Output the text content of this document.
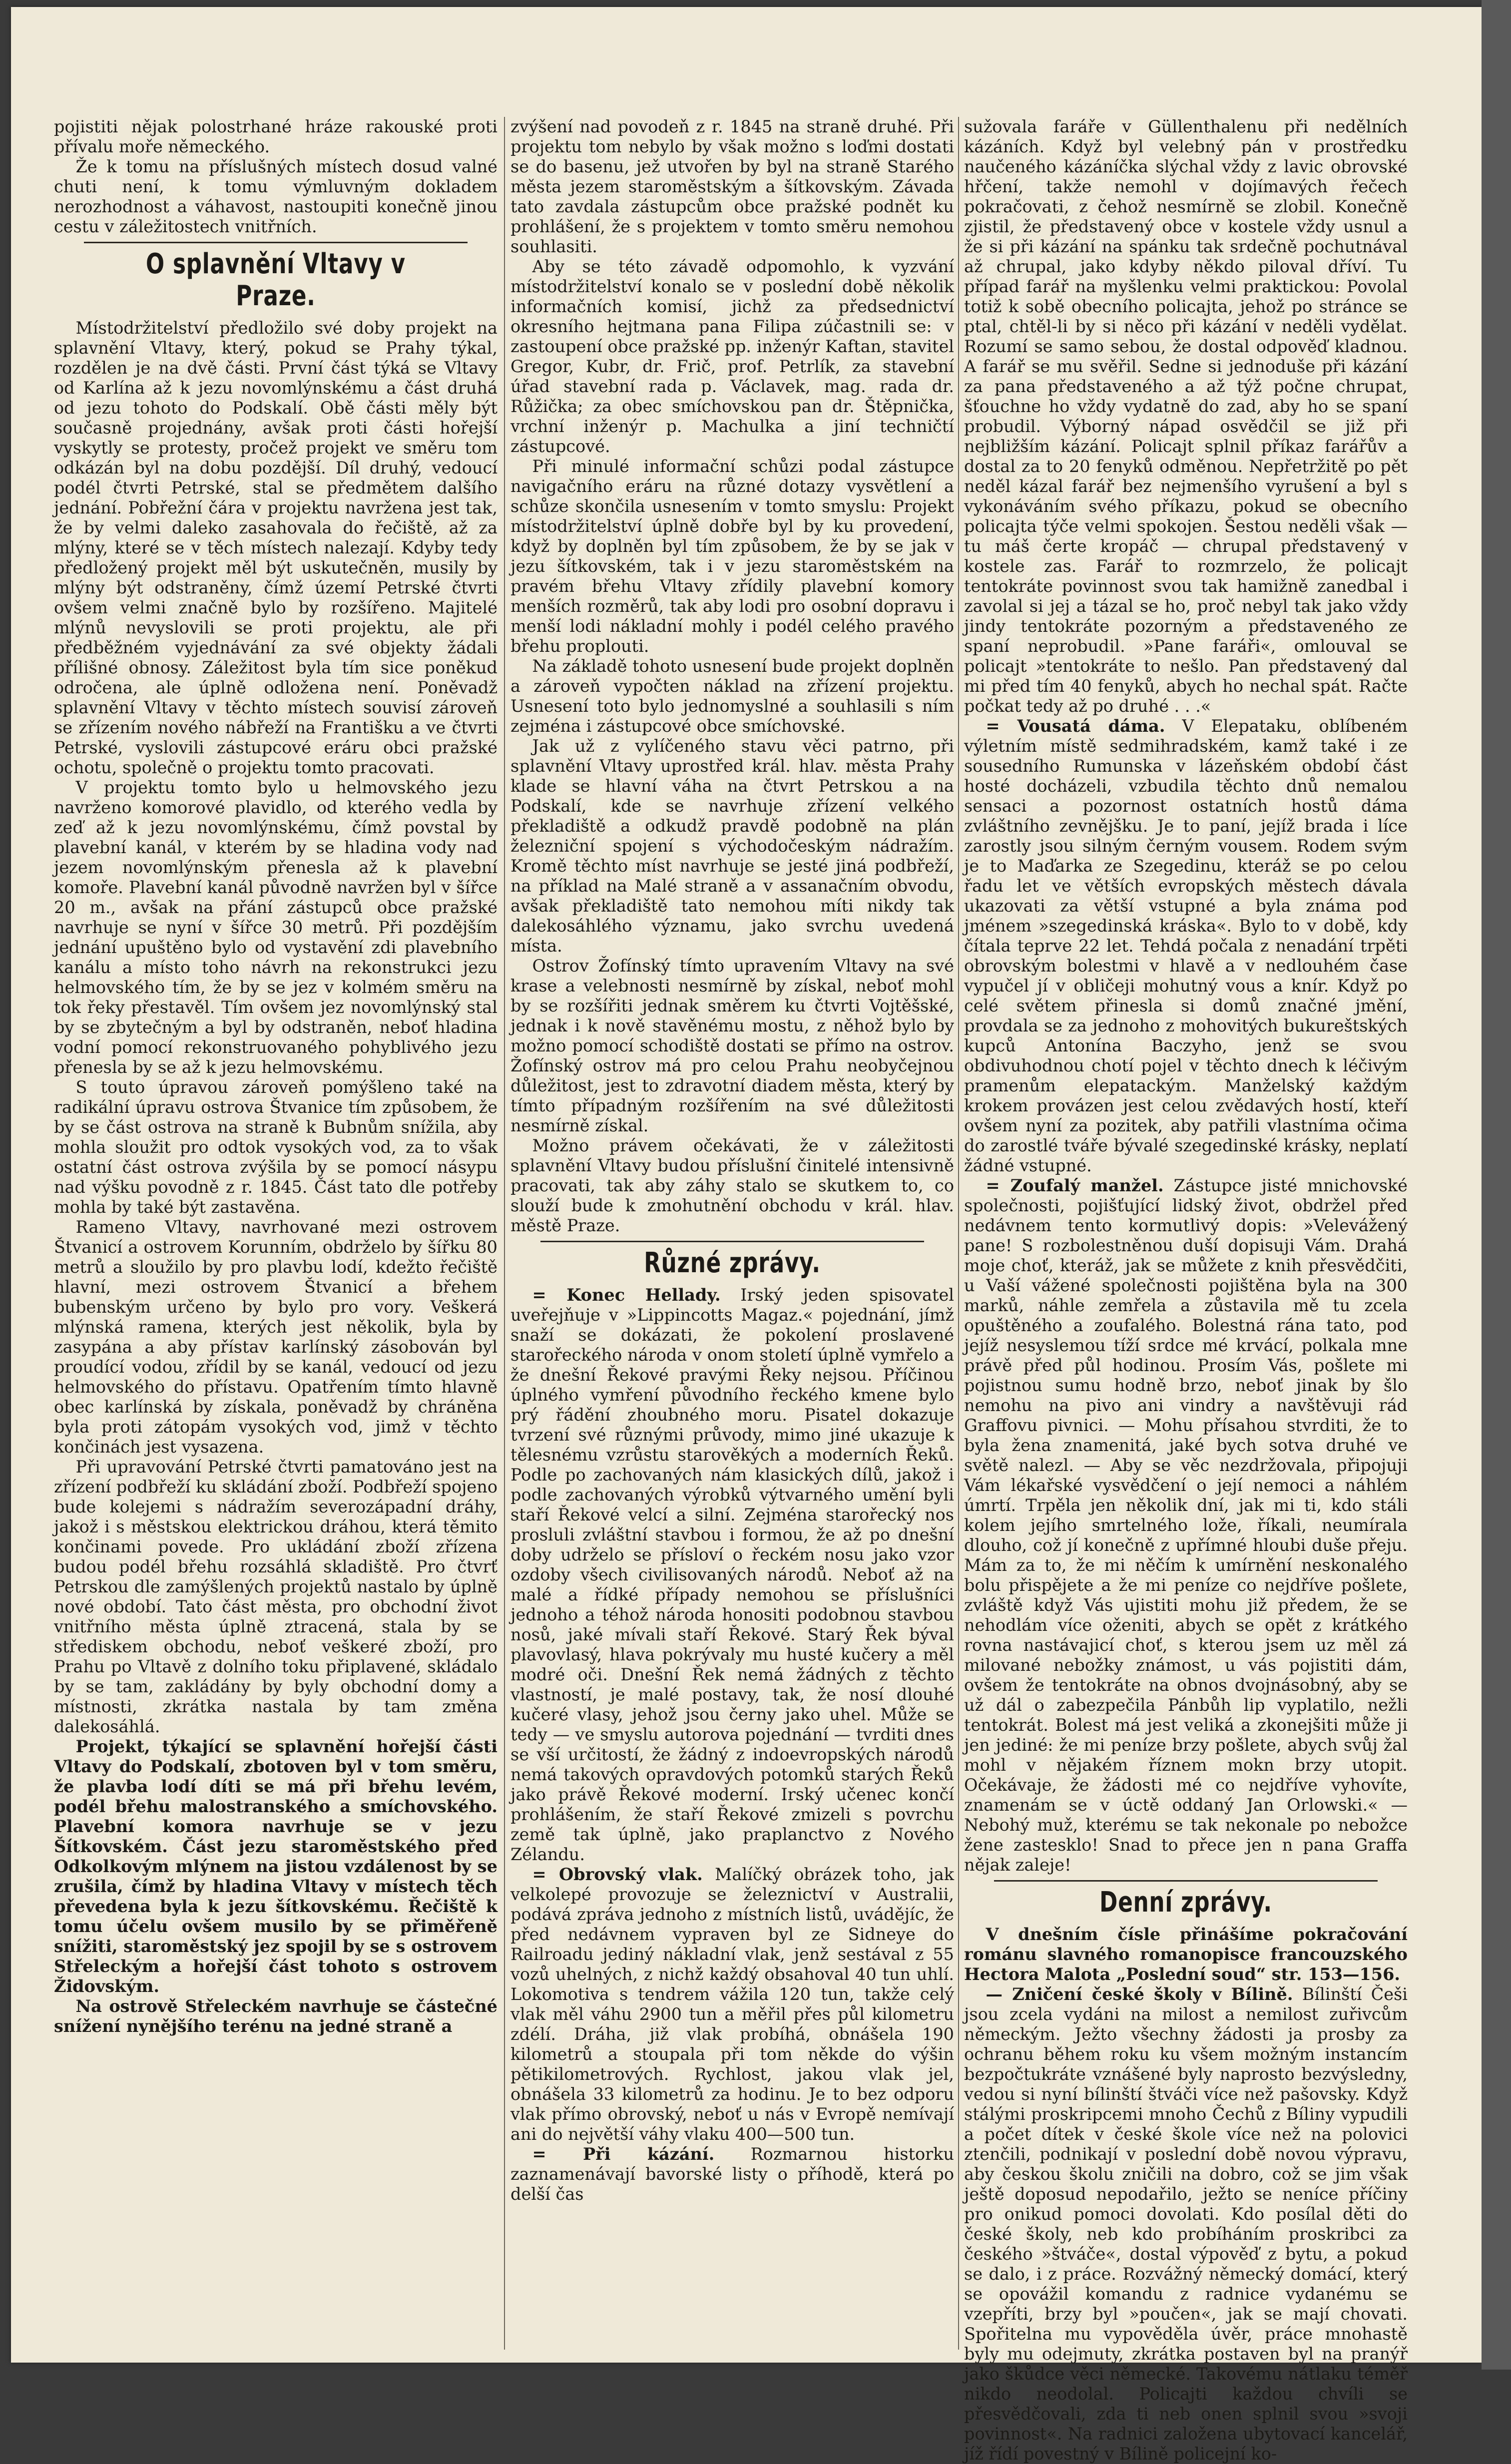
pojistiti nějak polostrhané hráze rakouské proti přívalu moře německého.

Že k tomu na příslušných místech dosud valné chuti není, k tomu výmluvným dokladem nerozhodnost a váhavost, nastoupiti konečně jinou cestu v záležitostech vnitřních.

O splavnění Vltavy v Praze.

Místodržitelství předložilo své doby projekt na splavnění Vltavy, který, pokud se Prahy týkal, rozdělen je na dvě části. První část týká se Vltavy od Karlína až k jezu novomlýnskému a část druhá od jezu tohoto do Podskalí. Obě části měly být současně projednány, avšak proti části hořejší vyskytly se protesty, pročež projekt ve směru tom odkázán byl na dobu pozdější. Díl druhý, vedoucí podél čtvrti Petrské, stal se předmětem dalšího jednání. Pobřežní čára v projektu navržena jest tak, že by velmi daleko zasahovala do řečiště, až za mlýny, které se v těch místech nalezají. Kdyby tedy předložený projekt měl být uskutečněn, musily by mlýny být odstraněny, čímž území Petrské čtvrti ovšem velmi značně bylo by rozšířeno. Majitelé mlýnů nevyslovili se proti projektu, ale při předběžném vyjednávání za své objekty žádali přílišné obnosy. Záležitost byla tím sice poněkud odročena, ale úplně odložena není. Poněvadž splavnění Vltavy v těchto místech souvisí zároveň se zřízením nového nábřeží na Františku a ve čtvrti Petrské, vyslovili zástupcové eráru obci pražské ochotu, společně o projektu tomto pracovati.

V projektu tomto bylo u helmovského jezu navrženo komorové plavidlo, od kterého vedla by zeď až k jezu novomlýnskému, čímž povstal by plavební kanál, v kterém by se hladina vody nad jezem novomlýnským přenesla až k plavební komoře. Plavební kanál původně navržen byl v šířce 20 m., avšak na přání zástupců obce pražské navrhuje se nyní v šířce 30 metrů. Při pozdějším jednání upuštěno bylo od vystavění zdi plavebního kanálu a místo toho návrh na rekonstrukci jezu helmovského tím, že by se jez v kolmém směru na tok řeky přestavěl. Tím ovšem jez novomlýnský stal by se zbytečným a byl by odstraněn, neboť hladina vodní pomocí rekonstruovaného pohyblivého jezu přenesla by se až k jezu helmovskému.

S touto úpravou zároveň pomýšleno také na radikální úpravu ostrova Štvanice tím způsobem, že by se část ostrova na straně k Bubnům snížila, aby mohla sloužit pro odtok vysokých vod, za to však ostatní část ostrova zvýšila by se pomocí násypu nad výšku povodně z r. 1845. Část tato dle potřeby mohla by také být zastavěna.

Rameno Vltavy, navrhované mezi ostrovem Štvanicí a ostrovem Korunním, obdrželo by šířku 80 metrů a sloužilo by pro plavbu lodí, kdežto řečiště hlavní, mezi ostrovem Štvanicí a břehem bubenským určeno by bylo pro vory. Veškerá mlýnská ramena, kterých jest několik, byla by zasypána a aby přístav karlínský zásobován byl proudící vodou, zřídil by se kanál, vedoucí od jezu helmovského do přístavu. Opatřením tímto hlavně obec karlínská by získala, poněvadž by chráněna byla proti zátopám vysokých vod, jimž v těchto končinách jest vysazena.

Při upravování Petrské čtvrti pamatováno jest na zřízení podbřeží ku skládání zboží. Podbřeží spojeno bude kolejemi s nádražím severozápadní dráhy, jakož i s městskou elektrickou dráhou, která těmito končinami povede. Pro ukládání zboží zřízena budou podél břehu rozsáhlá skladiště. Pro čtvrť Petrskou dle zamýšlených projektů nastalo by úplně nové období. Tato část města, pro obchodní život vnitřního města úplně ztracená, stala by se střediskem obchodu, neboť veškeré zboží, pro Prahu po Vltavě z dolního toku připlavené, skládalo by se tam, zakládány by byly obchodní domy a místnosti, zkrátka nastala by tam změna dalekosáhlá.

Projekt, týkající se splavnění hořejší části Vltavy do Podskalí, zbotoven byl v tom směru, že plavba lodí díti se má při břehu levém, podél břehu malostranského a smíchovského. Plavební komora navrhuje se v jezu Šítkovském. Část jezu staroměstského před Odkolkovým mlýnem na jistou vzdálenost by se zrušila, čímž by hladina Vltavy v místech těch převedena byla k jezu šítkovskému. Řečiště k tomu účelu ovšem musilo by se přiměřeně snížiti, staroměstský jez spojil by se s ostrovem Střeleckým a hořejší část tohoto s ostrovem Židovským.

Na ostrově Střeleckém navrhuje se částečné snížení nynějšího terénu na jedné straně a

zvýšení nad povodeň z r. 1845 na straně druhé. Při projektu tom nebylo by však možno s loďmi dostati se do basenu, jež utvořen by byl na straně Starého města jezem staroměstským a šítkovským. Závada tato zavdala zástupcům obce pražské podnět ku prohlášení, že s projektem v tomto směru nemohou souhlasiti.

Aby se této závadě odpomohlo, k vyzvání místodržitelství konalo se v poslední době několik informačních komisí, jichž za předsednictví okresního hejtmana pana Filipa zúčastnili se: v zastoupení obce pražské pp. inženýr Kaftan, stavitel Gregor, Kubr, dr. Frič, prof. Petrlík, za stavební úřad stavební rada p. Václavek, mag. rada dr. Růžička; za obec smíchovskou pan dr. Štěpnička, vrchní inženýr p. Machulka a jiní techničtí zástupcové.

Při minulé informační schůzi podal zástupce navigačního eráru na různé dotazy vysvětlení a schůze skončila usnesením v tomto smyslu: Projekt místodržitelství úplně dobře byl by ku provedení, když by doplněn byl tím způsobem, že by se jak v jezu šítkovském, tak i v jezu staroměstském na pravém břehu Vltavy zřídily plavební komory menších rozměrů, tak aby lodi pro osobní dopravu i menší lodi nákladní mohly i podél celého pravého břehu proplouti.

Na základě tohoto usnesení bude projekt doplněn a zároveň vypočten náklad na zřízení projektu. Usnesení toto bylo jednomyslné a souhlasili s ním zejména i zástupcové obce smíchovské.

Jak už z vylíčeného stavu věci patrno, při splavnění Vltavy uprostřed král. hlav. města Prahy klade se hlavní váha na čtvrt Petrskou a na Podskalí, kde se navrhuje zřízení velkého překladiště a odkudž pravdě podobně na plán železniční spojení s východočeským nádražím. Kromě těchto míst navrhuje se jesté jiná podbřeží, na příklad na Malé straně a v assanačním obvodu, avšak překladiště tato nemohou míti nikdy tak dalekosáhlého významu, jako svrchu uvedená místa.

Ostrov Žofínský tímto upravením Vltavy na své krase a velebnosti nesmírně by získal, neboť mohl by se rozšířiti jednak směrem ku čtvrti Vojtěšské, jednak i k nově stavěnému mostu, z něhož bylo by možno pomocí schodiště dostati se přímo na ostrov. Žofínský ostrov má pro celou Prahu neobyčejnou důležitost, jest to zdravotní diadem města, který by tímto případným rozšířením na své důležitosti nesmírně získal.

Možno právem očekávati, že v záležitosti splavnění Vltavy budou příslušní činitelé intensivně pracovati, tak aby záhy stalo se skutkem to, co slouží bude k zmohutnění obchodu v král. hlav. městě Praze.

Různé zprávy.

= Konec Hellady. Irský jeden spisovatel uveřejňuje v »Lippincotts Magaz.« pojednání, jímž snaží se dokázati, že pokolení proslavené starořeckého národa v onom století úplně vymřelo a že dnešní Řekové pravými Řeky nejsou. Příčinou úplného vymření původního řeckého kmene bylo prý řádění zhoubného moru. Pisatel dokazuje tvrzení své různými průvody, mimo jiné ukazuje k tělesnému vzrůstu starověkých a moderních Řeků. Podle po zachovaných nám klasických dílů, jakož i podle zachovaných výrobků výtvarného umění byli staří Řekové velcí a silní. Zejména starořecký nos prosluli zvláštní stavbou i formou, že až po dnešní doby udrželo se přísloví o řeckém nosu jako vzor ozdoby všech civilisovaných národů. Neboť až na malé a řídké případy nemohou se příslušníci jednoho a téhož národa honositi podobnou stavbou nosů, jaké mívali staří Řekové. Starý Řek býval plavovlasý, hlava pokrývaly mu husté kučery a měl modré oči. Dnešní Řek nemá žádných z těchto vlastností, je malé postavy, tak, že nosí dlouhé kučeré vlasy, jehož jsou černy jako uhel. Může se tedy — ve smyslu autorova pojednání — tvrditi dnes se vší určitostí, že žádný z indoevropských národů nemá takových opravdových potomků starých Řeků jako právě Řekové moderní. Irský učenec končí prohlášením, že staří Řekové zmizeli s povrchu země tak úplně, jako praplanctvo z Nového Zélandu.

= Obrovský vlak. Malíčký obrázek toho, jak velkolepé provozuje se železnictví v Australii, podává zpráva jednoho z místních listů, uvádějíc, že před nedávnem vypraven byl ze Sidneye do Railroadu jediný nákladní vlak, jenž sestával z 55 vozů uhelných, z nichž každý obsahoval 40 tun uhlí. Lokomotiva s tendrem vážila 120 tun, takže celý vlak měl váhu 2900 tun a měřil přes půl kilometru zdélí. Dráha, již vlak probíhá, obnášela 190 kilometrů a stoupala při tom někde do výšin pětikilometrových. Rychlost, jakou vlak jel, obnášela 33 kilometrů za hodinu. Je to bez odporu vlak přímo obrovský, neboť u nás v Evropě nemívají ani do největší váhy vlaku 400—500 tun.

= Při kázání. Rozmarnou historku zaznamenávají bavorské listy o příhodě, která po delší čas

sužovala faráře v Güllenthalenu při nedělních kázáních. Když byl velebný pán v prostředku naučeného kázáníčka slýchal vždy z lavic obrovské hřčení, takže nemohl v dojímavých řečech pokračovati, z čehož nesmírně se zlobil. Konečně zjistil, že představený obce v kostele vždy usnul a že si při kázání na spánku tak srdečně pochutnával až chrupal, jako kdyby někdo piloval dříví. Tu případ farář na myšlenku velmi praktickou: Povolal totiž k sobě obecního policajta, jehož po stránce se ptal, chtěl-li by si něco při kázání v neděli vydělat. Rozumí se samo sebou, že dostal odpověď kladnou. A farář se mu svěřil. Sedne si jednoduše při kázání za pana představeného a až týž počne chrupat, šťouchne ho vždy vydatně do zad, aby ho se spaní probudil. Výborný nápad osvědčil se již při nejbližším kázání. Policajt splnil příkaz farářův a dostal za to 20 fenyků odměnou. Nepřetržitě po pět neděl kázal farář bez nejmenšího vyrušení a byl s vykonáváním svého příkazu, pokud se obecního policajta týče velmi spokojen. Šestou neděli však — tu máš čerte kropáč — chrupal představený v kostele zas. Farář to rozmrzelo, že policajt tentokráte povinnost svou tak hamižně zanedbal i zavolal si jej a tázal se ho, proč nebyl tak jako vždy jindy tentokráte pozorným a představeného ze spaní neprobudil. »Pane faráři«, omlouval se policajt »tentokráte to nešlo. Pan představený dal mi před tím 40 fenyků, abych ho nechal spát. Račte počkat tedy až po druhé . . .«

= Vousatá dáma. V Elepataku, oblíbeném výletním místě sedmihradském, kamž také i ze sousedního Rumunska v lázeňském období část hosté docházeli, vzbudila těchto dnů nemalou sensaci a pozornost ostatních hostů dáma zvláštního zevnějšku. Je to paní, jejíž brada i líce zarostly jsou silným černým vousem. Rodem svým je to Maďarka ze Szegedinu, kteráž se po celou řadu let ve větších evropských městech dávala ukazovati za větší vstupné a byla známa pod jménem »szegedinská kráska«. Bylo to v době, kdy čítala teprve 22 let. Tehdá počala z nenadání trpěti obrovským bolestmi v hlavě a v nedlouhém čase vypučel jí v obličeji mohutný vous a knír. Když po celé světem přinesla si domů značné jmění, provdala se za jednoho z mohovitých bukureštských kupců Antonína Baczyho, jenž se svou obdivuhodnou chotí pojel v těchto dnech k léčivým pramenům elepatackým. Manželský každým krokem provázen jest celou zvědavých hostí, kteří ovšem nyní za pozitek, aby patřili vlastníma očima do zarostlé tváře bývalé szegedinské krásky, neplatí žádné vstupné.

= Zoufalý manžel. Zástupce jisté mnichovské společnosti, pojišťující lidský život, obdržel před nedávnem tento kormutlivý dopis: »Velevážený pane! S rozbolestněnou duší dopisuji Vám. Drahá moje choť, kteráž, jak se můžete z knih přesvědčiti, u Vaší vážené společnosti pojištěna byla na 300 marků, náhle zemřela a zůstavila mě tu zcela opuštěného a zoufalého. Bolestná rána tato, pod jejíž nesyslemou tíží srdce mé krvácí, polkala mne právě před půl hodinou. Prosím Vás, pošlete mi pojistnou sumu hodně brzo, neboť jinak by šlo nemohu na pivo ani vindry a navštěvuji rád Graffovu pivnici. — Mohu přísahou stvrditi, že to byla žena znamenitá, jaké bych sotva druhé ve světě nalezl. — Aby se věc nezdržovala, připojuji Vám lékařské vysvědčení o její nemoci a náhlém úmrtí. Trpěla jen několik dní, jak mi ti, kdo stáli kolem jejího smrtelného lože, říkali, neumírala dlouho, což jí konečně z upřímné hloubi duše přeju. Mám za to, že mi něčím k umírnění neskonalého bolu přispějete a že mi peníze co nejdříve pošlete, zvláště když Vás ujistiti mohu již předem, že se nehodlám více oženiti, abych se opět z krátkého rovna nastávajicí choť, s kterou jsem uz měl zá milované nebožky známost, u vás pojistiti dám, ovšem že tentokráte na obnos dvojnásobný, aby se už dál o zabezpečila Pánbůh lip vyplatilo, nežli tentokrát. Bolest má jest veliká a zkonejšiti může ji jen jediné: že mi peníze brzy pošlete, abych svůj žal mohl v nějakém říznem mokn brzy utopit. Očekávaje, že žádosti mé co nejdříve vyhovíte, znamenám se v úctě oddaný Jan Orlowski.« — Nebohý muž, kterému se tak nekonale po nebožce žene zastesklo! Snad to přece jen n pana Graffa nějak zaleje!

Denní zprávy.

V dnešním čísle přinášíme pokračování románu slavného romanopisce francouzského Hectora Malota „Poslední soud“ str. 153—156.

— Zničení české školy v Bílině. Bílinští Češi jsou zcela vydáni na milost a nemilost zuřivcům německým. Ježto všechny žádosti ja prosby za ochranu během roku ku všem možným instancím bezpočtukráte vznášené byly naprosto bezvýsledny, vedou si nyní bílinští štváči více než pašovsky. Když stálými proskripcemi mnoho Čechů z Bíliny vypudili a počet dítek v české škole více než na polovici ztenčili, podnikají v poslední době novou výpravu, aby českou školu zničili na dobro, což se jim však ještě doposud nepodařilo, ježto se neníce příčiny pro onikud pomoci dovolati. Kdo posílal děti do české školy, neb kdo probíháním proskribci za českého »štváče«, dostal výpověď z bytu, a pokud se dalo, i z práce. Rozvážný německý domácí, který se opovážil komandu z radnice vydanému se vzepříti, brzy byl »poučen«, jak se mají chovati. Spořitelna mu vypověděla úvěr, práce mnohastě byly mu odejmuty, zkrátka postaven byl na pranýř jako škůdce věci německé. Takovému nátlaku téměř nikdo neodolal. Policajti každou chvíli se přesvědčovali, zda ti neb onen splnil svou »svoji povinnost«. Na radnici založena ubytovací kancelář, jíž řídí povestný v Bílině policejní ko-
